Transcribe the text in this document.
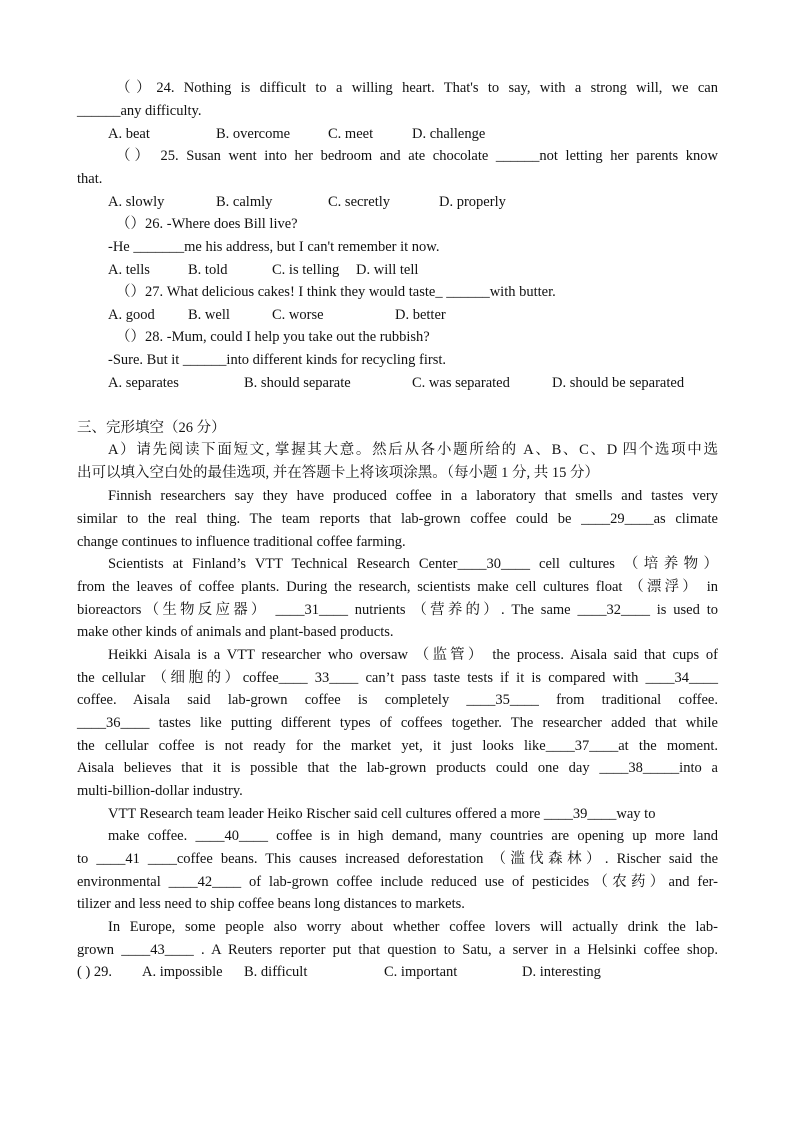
（）24. Nothing is difficult to a willing heart. That's to say, with a strong will, we can
______any difficulty.
A. beat	B. overcome	C. meet	D. challenge
（） 25. Susan went into her bedroom and ate chocolate ______not letting her parents know
that.
A. slowly	B. calmly	C. secretly	D. properly
（）26. -Where does Bill live?
-He _______me his address, but I can't remember it now.
A. tells	B. told	C. is telling D. will tell
（）27. What delicious cakes! I think they would taste_ ______with butter.
A. good B. well	C. worse	D. better
（）28. -Mum, could I help you take out the rubbish?
-Sure. But it ______into different kinds for recycling first.
A. separates	B. should separate	C. was separated	D. should be separated
三、完形填空（26 分）
A）请先阅读下面短文, 掌握其大意。然后从各小题所给的 A、B、C、D 四个选项中选
出可以填入空白处的最佳选项, 并在答题卡上将该项涂黑。（每小题 1 分, 共 15 分）
Finnish researchers say they have produced coffee in a laboratory that smells and tastes very
similar to the real thing. The team reports that lab-grown coffee could be ____29____as climate
change continues to influence traditional coffee farming.
Scientists at Finland’s VTT Technical Research Center____30____ cell cultures （培养物）
from the leaves of coffee plants. During the research, scientists make cell cultures float （漂浮） in
bioreactors（生物反应器） ____31____ nutrients （营养的）. The same ____32____ is used to
make other kinds of animals and plant-based products.
Heikki Aisala is a VTT researcher who oversaw （监管） the process. Aisala said that cups of
the cellular （细胞的）coffee____ 33____ can’t pass taste tests if it is compared with ____34____
coffee. Aisala said lab-grown coffee is completely ____35____ from traditional coffee.
____36____ tastes like putting different types of coffees together. The researcher added that while
the cellular coffee is not ready for the market yet, it just looks like____37____at the moment.
Aisala believes that it is possible that the lab-grown products could one day ____38_____into a
multi-billion-dollar industry.
VTT Research team leader Heiko Rischer said cell cultures offered a more ____39____way to
make coffee. ____40____ coffee is in high demand, many countries are opening up more land
to ____41 ____coffee beans. This causes increased deforestation （滥伐森林）. Rischer said the
environmental ____42____ of lab-grown coffee include reduced use of pesticides（农药）and fer-
tilizer and less need to ship coffee beans long distances to markets.
In Europe, some people also worry about whether coffee lovers will actually drink the lab-
grown ____43____ . A Reuters reporter put that question to Satu, a server in a Helsinki coffee shop.
( ) 29. A. impossible B. difficult	C. important	D. interesting
